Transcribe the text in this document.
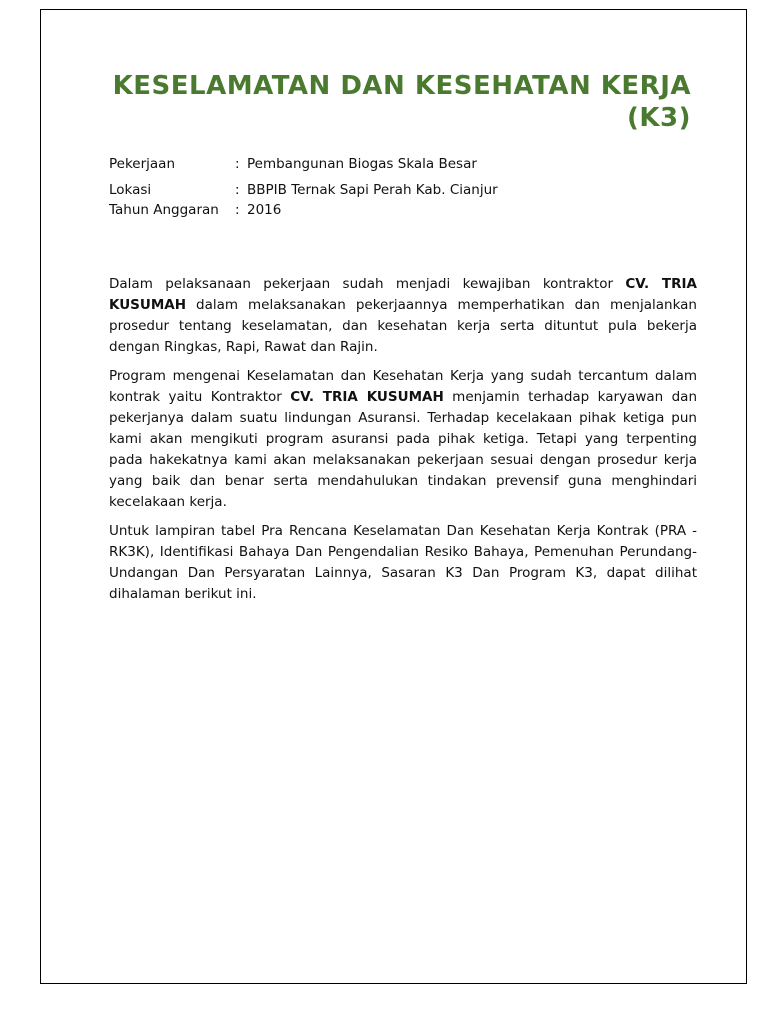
KESELAMATAN DAN KESEHATAN KERJA (K3)
Pekerjaan	: Pembangunan Biogas Skala Besar
Lokasi	: BBPIB Ternak Sapi Perah Kab. Cianjur
Tahun Anggaran	: 2016

Dalam pelaksanaan pekerjaan sudah menjadi kewajiban kontraktor CV. TRIA KUSUMAH dalam melaksanakan pekerjaannya memperhatikan dan menjalankan prosedur tentang keselamatan, dan kesehatan kerja serta dituntut pula bekerja dengan Ringkas, Rapi, Rawat dan Rajin.

Program mengenai Keselamatan dan Kesehatan Kerja yang sudah tercantum dalam kontrak yaitu Kontraktor CV. TRIA KUSUMAH menjamin terhadap karyawan dan pekerjanya dalam suatu lindungan Asuransi. Terhadap kecelakaan pihak ketiga pun kami akan mengikuti program asuransi pada pihak ketiga. Tetapi yang terpenting pada hakekatnya kami akan melaksanakan pekerjaan sesuai dengan prosedur kerja yang baik dan benar serta mendahulukan tindakan prevensif guna menghindari kecelakaan kerja.

Untuk lampiran tabel Pra Rencana Keselamatan Dan Kesehatan Kerja Kontrak (PRA - RK3K), Identifikasi Bahaya Dan Pengendalian Resiko Bahaya, Pemenuhan Perundang-Undangan Dan Persyaratan Lainnya, Sasaran K3 Dan Program K3, dapat dilihat dihalaman berikut ini.
